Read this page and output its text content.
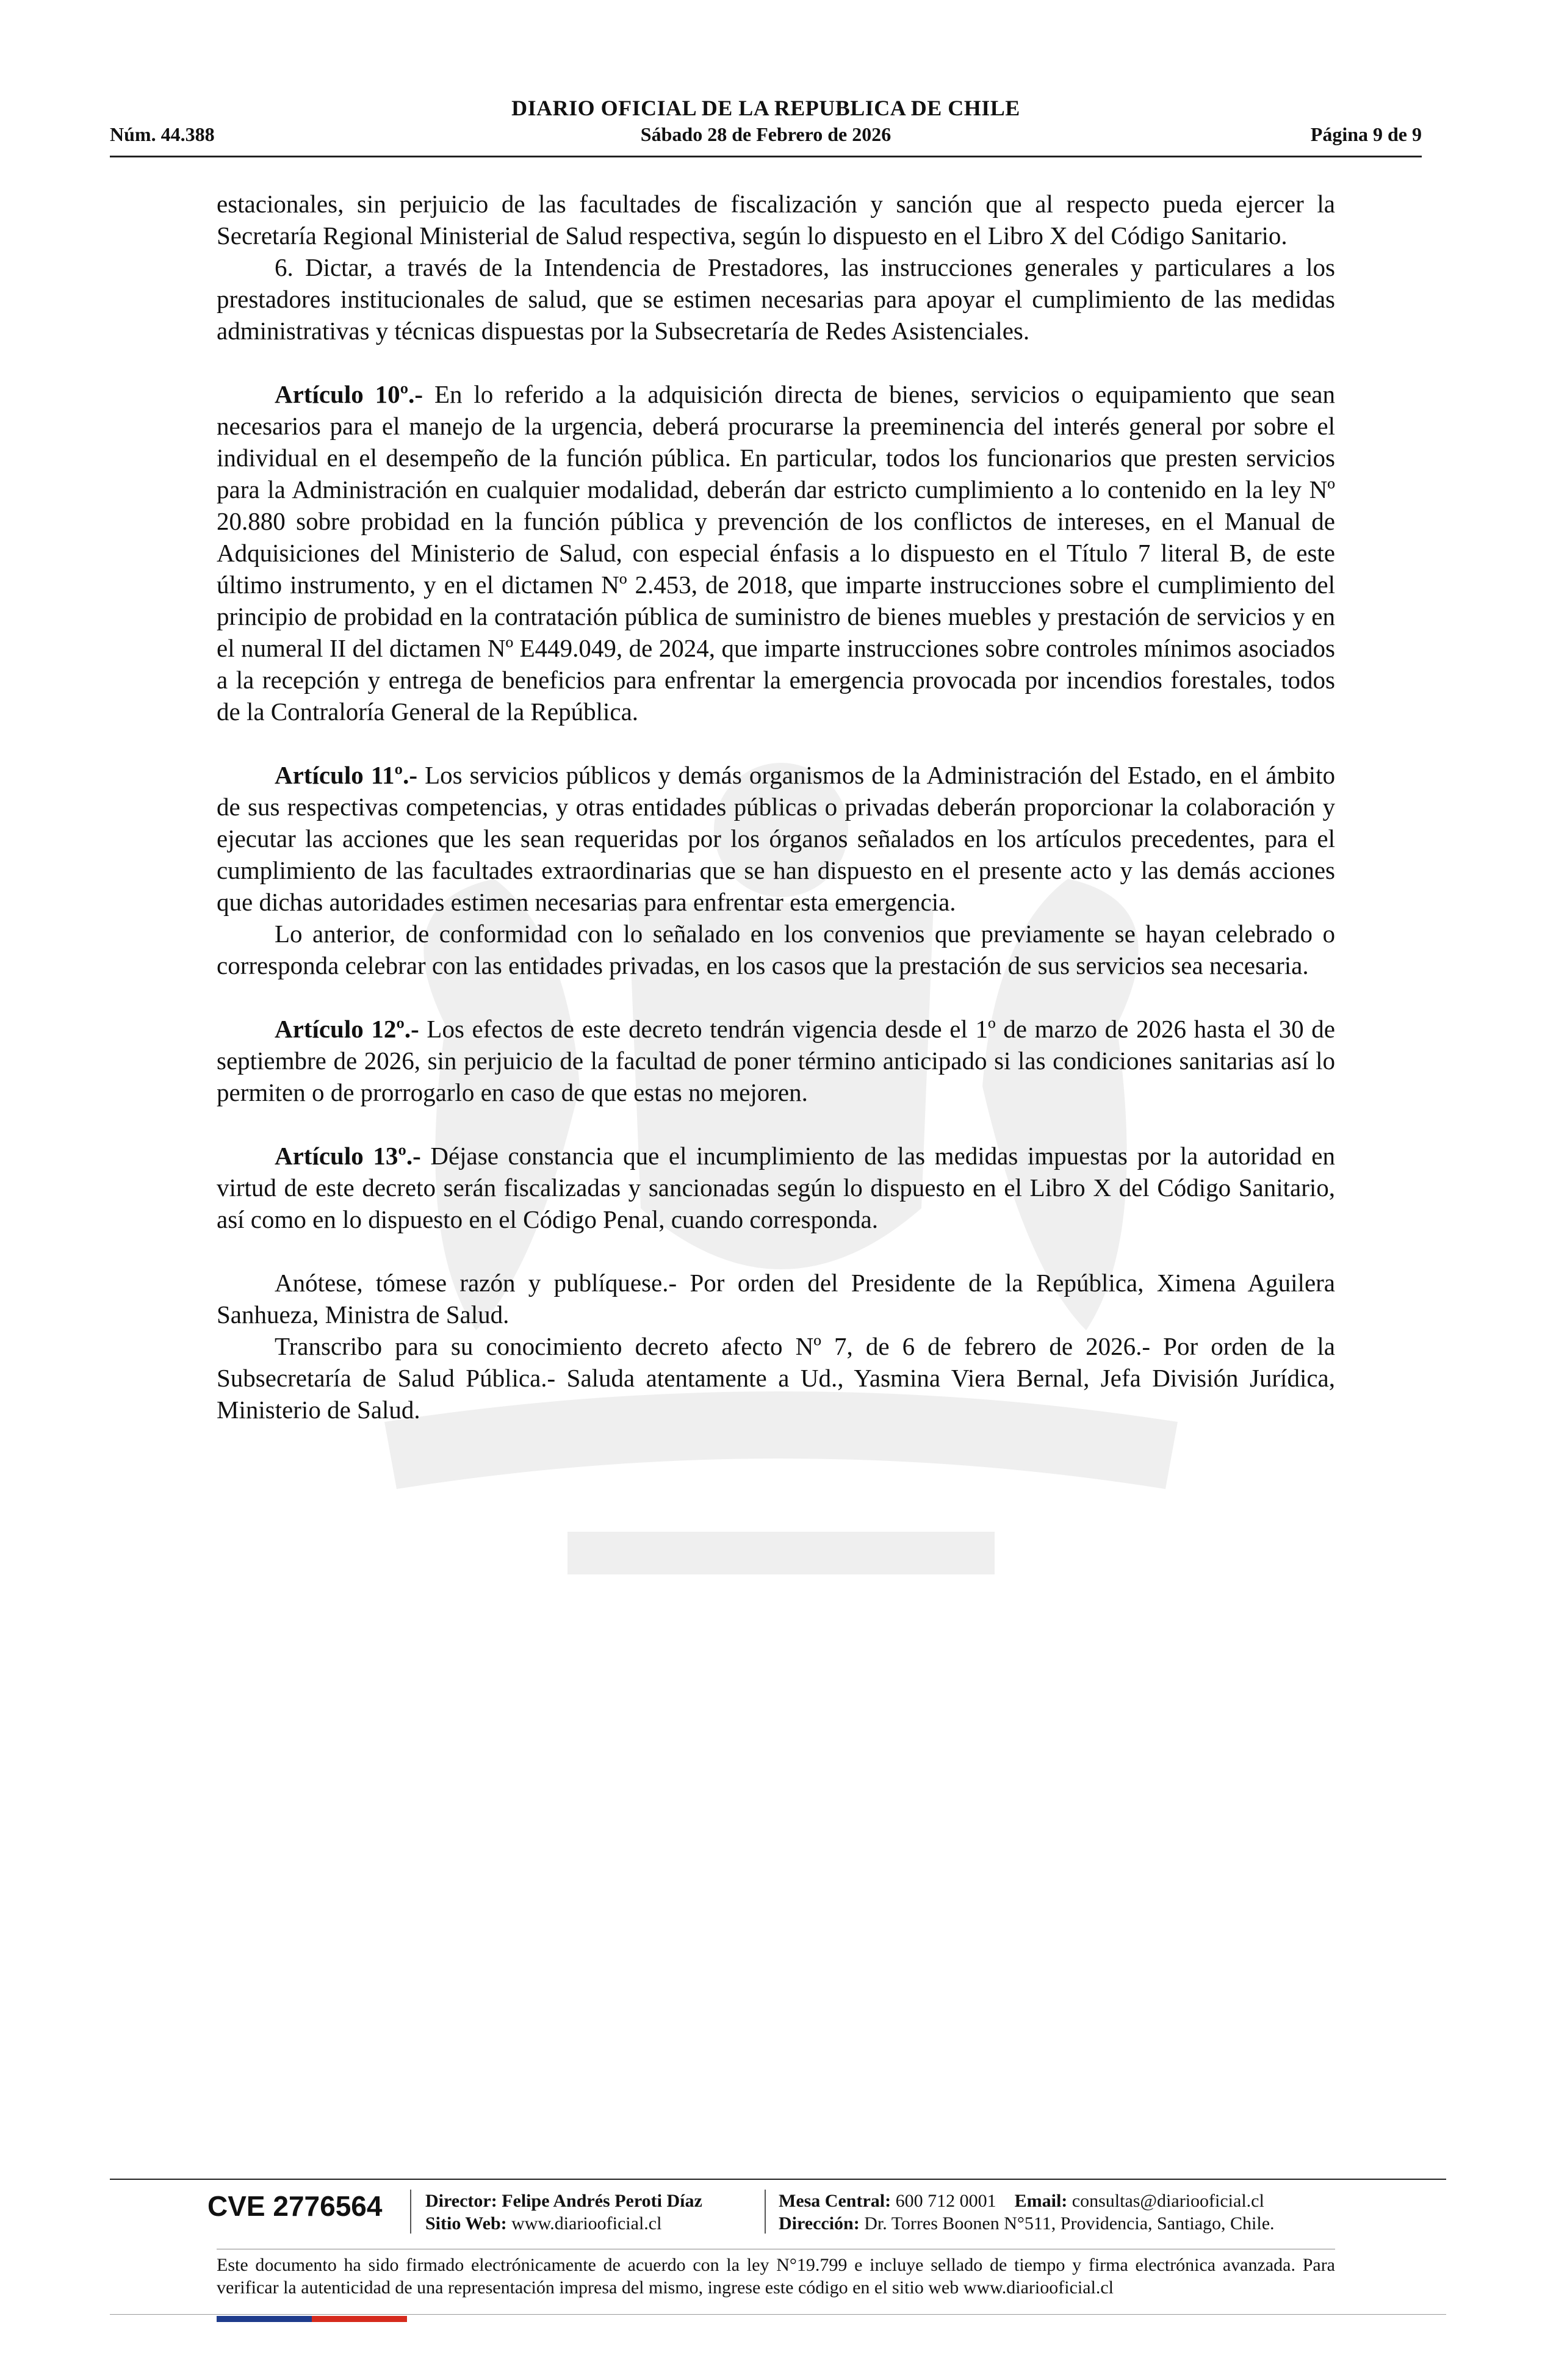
DIARIO OFICIAL DE LA REPUBLICA DE CHILE
Núm. 44.388	Sábado 28 de Febrero de 2026	Página 9 de 9

estacionales, sin perjuicio de las facultades de fiscalización y sanción que al respecto pueda ejercer la Secretaría Regional Ministerial de Salud respectiva, según lo dispuesto en el Libro X del Código Sanitario.

6. Dictar, a través de la Intendencia de Prestadores, las instrucciones generales y particulares a los prestadores institucionales de salud, que se estimen necesarias para apoyar el cumplimiento de las medidas administrativas y técnicas dispuestas por la Subsecretaría de Redes Asistenciales.

Artículo 10º.- En lo referido a la adquisición directa de bienes, servicios o equipamiento que sean necesarios para el manejo de la urgencia, deberá procurarse la preeminencia del interés general por sobre el individual en el desempeño de la función pública. En particular, todos los funcionarios que presten servicios para la Administración en cualquier modalidad, deberán dar estricto cumplimiento a lo contenido en la ley Nº 20.880 sobre probidad en la función pública y prevención de los conflictos de intereses, en el Manual de Adquisiciones del Ministerio de Salud, con especial énfasis a lo dispuesto en el Título 7 literal B, de este último instrumento, y en el dictamen Nº 2.453, de 2018, que imparte instrucciones sobre el cumplimiento del principio de probidad en la contratación pública de suministro de bienes muebles y prestación de servicios y en el numeral II del dictamen Nº E449.049, de 2024, que imparte instrucciones sobre controles mínimos asociados a la recepción y entrega de beneficios para enfrentar la emergencia provocada por incendios forestales, todos de la Contraloría General de la República.

Artículo 11º.- Los servicios públicos y demás organismos de la Administración del Estado, en el ámbito de sus respectivas competencias, y otras entidades públicas o privadas deberán proporcionar la colaboración y ejecutar las acciones que les sean requeridas por los órganos señalados en los artículos precedentes, para el cumplimiento de las facultades extraordinarias que se han dispuesto en el presente acto y las demás acciones que dichas autoridades estimen necesarias para enfrentar esta emergencia.

Lo anterior, de conformidad con lo señalado en los convenios que previamente se hayan celebrado o corresponda celebrar con las entidades privadas, en los casos que la prestación de sus servicios sea necesaria.

Artículo 12º.- Los efectos de este decreto tendrán vigencia desde el 1º de marzo de 2026 hasta el 30 de septiembre de 2026, sin perjuicio de la facultad de poner término anticipado si las condiciones sanitarias así lo permiten o de prorrogarlo en caso de que estas no mejoren.

Artículo 13º.- Déjase constancia que el incumplimiento de las medidas impuestas por la autoridad en virtud de este decreto serán fiscalizadas y sancionadas según lo dispuesto en el Libro X del Código Sanitario, así como en lo dispuesto en el Código Penal, cuando corresponda.

Anótese, tómese razón y publíquese.- Por orden del Presidente de la República, Ximena Aguilera Sanhueza, Ministra de Salud.

Transcribo para su conocimiento decreto afecto Nº 7, de 6 de febrero de 2026.- Por orden de la Subsecretaría de Salud Pública.- Saluda atentamente a Ud., Yasmina Viera Bernal, Jefa División Jurídica, Ministerio de Salud.

CVE 2776564 Director: Felipe Andrés Peroti Díaz
Sitio Web: www.diariooficial.cl
Mesa Central: 600 712 0001 Email: consultas@diariooficial.cl
Dirección: Dr. Torres Boonen N°511, Providencia, Santiago, Chile.
Este documento ha sido firmado electrónicamente de acuerdo con la ley N°19.799 e incluye sellado de tiempo y firma electrónica avanzada. Para verificar la autenticidad de una representación impresa del mismo, ingrese este código en el sitio web www.diariooficial.cl
